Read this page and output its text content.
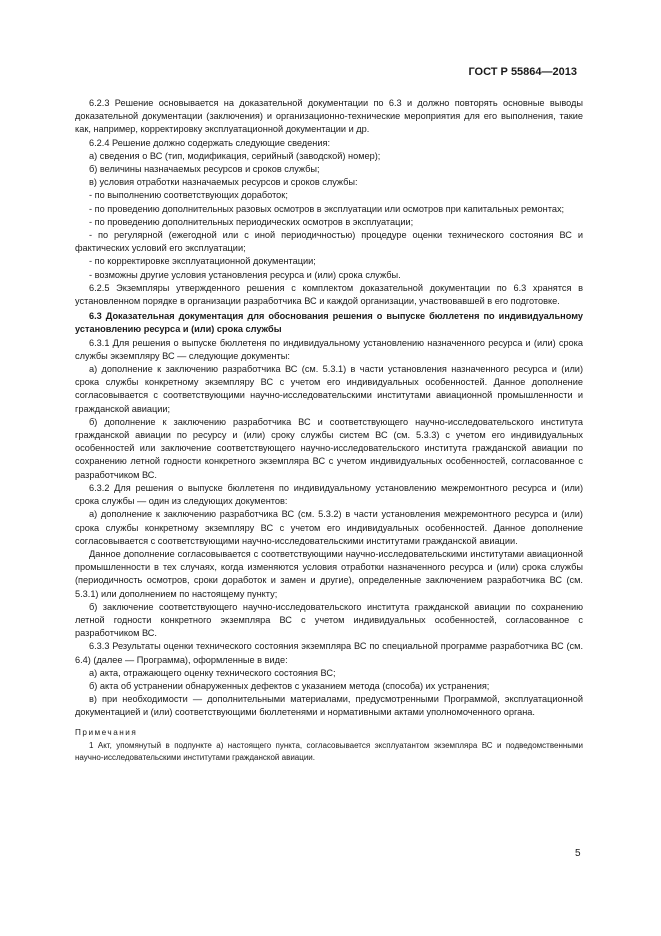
ГОСТ Р 55864—2013

6.2.3 Решение основывается на доказательной документации по 6.3 и должно повторять основные выводы доказательной документации (заключения) и организационно-технические мероприятия для его выполнения, такие как, например, корректировку эксплуатационной документации и др.

6.2.4 Решение должно содержать следующие сведения:

а) сведения о ВС (тип, модификация, серийный (заводской) номер);

б) величины назначаемых ресурсов и сроков службы;

в) условия отработки назначаемых ресурсов и сроков службы:

- по выполнению соответствующих доработок;

- по проведению дополнительных разовых осмотров в эксплуатации или осмотров при капитальных ремонтах;

- по проведению дополнительных периодических осмотров в эксплуатации;

- по регулярной (ежегодной или с иной периодичностью) процедуре оценки технического состояния ВС и фактических условий его эксплуатации;

- по корректировке эксплуатационной документации;

- возможны другие условия установления ресурса и (или) срока службы.

6.2.5 Экземпляры утвержденного решения с комплектом доказательной документации по 6.3 хранятся в установленном порядке в организации разработчика ВС и каждой организации, участвовавшей в его подготовке.

6.3 Доказательная документация для обоснования решения о выпуске бюллетеня по индивидуальному установлению ресурса и (или) срока службы

6.3.1 Для решения о выпуске бюллетеня по индивидуальному установлению назначенного ресурса и (или) срока службы экземпляру ВС — следующие документы:

а) дополнение к заключению разработчика ВС (см. 5.3.1) в части установления назначенного ресурса и (или) срока службы конкретному экземпляру ВС с учетом его индивидуальных особенностей. Данное дополнение согласовывается с соответствующими научно-исследовательскими институтами авиационной промышленности и гражданской авиации;

б) дополнение к заключению разработчика ВС и соответствующего научно-исследовательского института гражданской авиации по ресурсу и (или) сроку службы систем ВС (см. 5.3.3) с учетом его индивидуальных особенностей или заключение соответствующего научно-исследовательского института гражданской авиации по сохранению летной годности конкретного экземпляра ВС с учетом индивидуальных особенностей, согласованное с разработчиком ВС.

6.3.2 Для решения о выпуске бюллетеня по индивидуальному установлению межремонтного ресурса и (или) срока службы — один из следующих документов:

а) дополнение к заключению разработчика ВС (см. 5.3.2) в части установления межремонтного ресурса и (или) срока службы конкретному экземпляру ВС с учетом его индивидуальных особенностей. Данное дополнение согласовывается с соответствующими научно-исследовательскими институтами гражданской авиации.

Данное дополнение согласовывается с соответствующими научно-исследовательскими институтами авиационной промышленности в тех случаях, когда изменяются условия отработки назначенного ресурса и (или) срока службы (периодичность осмотров, сроки доработок и замен и другие), определенные заключением разработчика ВС (см. 5.3.1) или дополнением по настоящему пункту;

б) заключение соответствующего научно-исследовательского института гражданской авиации по сохранению летной годности конкретного экземпляра ВС с учетом индивидуальных особенностей, согласованное с разработчиком ВС.

6.3.3 Результаты оценки технического состояния экземпляра ВС по специальной программе разработчика ВС (см. 6.4) (далее — Программа), оформленные в виде:

а) акта, отражающего оценку технического состояния ВС;

б) акта об устранении обнаруженных дефектов с указанием метода (способа) их устранения;

в) при необходимости — дополнительными материалами, предусмотренными Программой, эксплуатационной документацией и (или) соответствующими бюллетенями и нормативными актами уполномоченного органа.

Примечания

1 Акт, упомянутый в подпункте а) настоящего пункта, согласовывается эксплуатантом экземпляра ВС и подведомственными научно-исследовательскими институтами гражданской авиации.

5
